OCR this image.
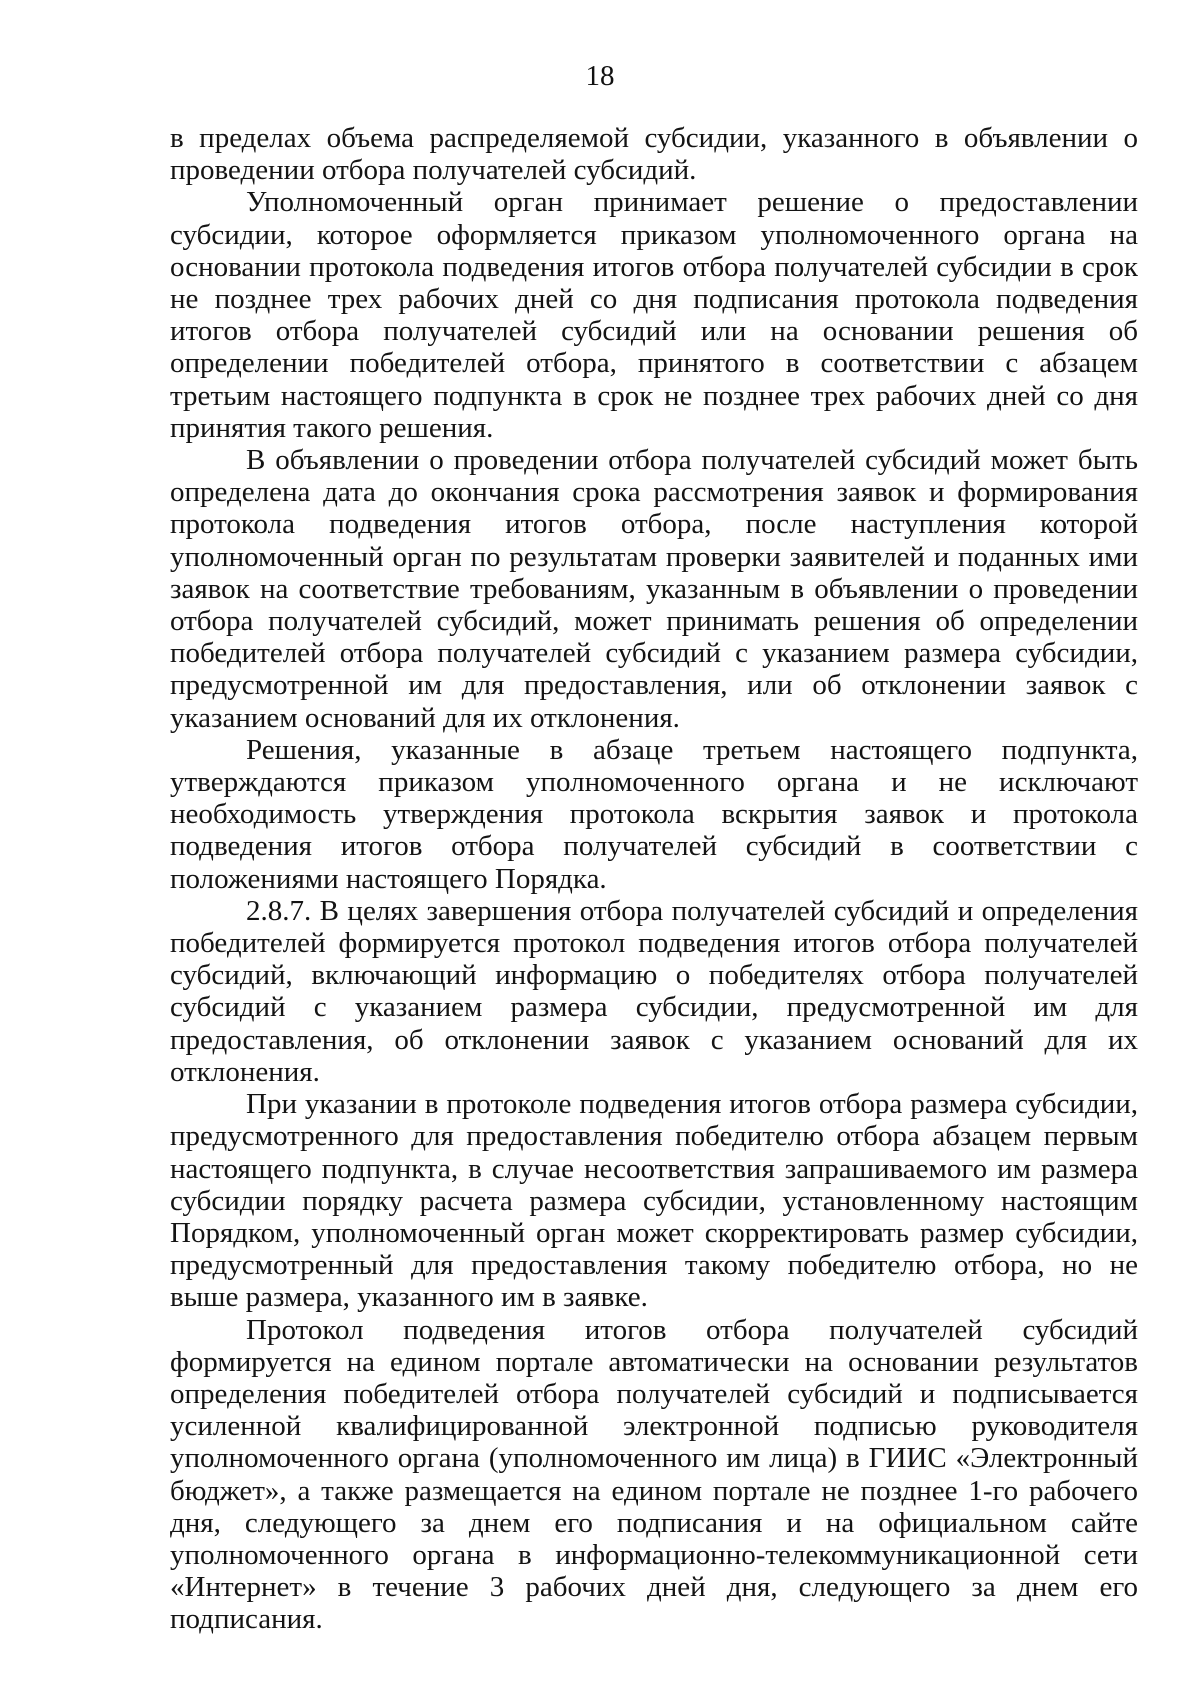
18

в пределах объема распределяемой субсидии, указанного в объявлении о проведении отбора получателей субсидий.

Уполномоченный орган принимает решение о предоставлении субсидии, которое оформляется приказом уполномоченного органа на основании протокола подведения итогов отбора получателей субсидии в срок не позднее трех рабочих дней со дня подписания протокола подведения итогов отбора получателей субсидий или на основании решения об определении победителей отбора, принятого в соответствии с абзацем третьим настоящего подпункта в срок не позднее трех рабочих дней со дня принятия такого решения.

В объявлении о проведении отбора получателей субсидий может быть определена дата до окончания срока рассмотрения заявок и формирования протокола подведения итогов отбора, после наступления которой уполномоченный орган по результатам проверки заявителей и поданных ими заявок на соответствие требованиям, указанным в объявлении о проведении отбора получателей субсидий, может принимать решения об определении победителей отбора получателей субсидий с указанием размера субсидии, предусмотренной им для предоставления, или об отклонении заявок с указанием оснований для их отклонения.

Решения, указанные в абзаце третьем настоящего подпункта, утверждаются приказом уполномоченного органа и не исключают необходимость утверждения протокола вскрытия заявок и протокола подведения итогов отбора получателей субсидий в соответствии с положениями настоящего Порядка.

2.8.7. В целях завершения отбора получателей субсидий и определения победителей формируется протокол подведения итогов отбора получателей субсидий, включающий информацию о победителях отбора получателей субсидий с указанием размера субсидии, предусмотренной им для предоставления, об отклонении заявок с указанием оснований для их отклонения.

При указании в протоколе подведения итогов отбора размера субсидии, предусмотренного для предоставления победителю отбора абзацем первым настоящего подпункта, в случае несоответствия запрашиваемого им размера субсидии порядку расчета размера субсидии, установленному настоящим Порядком, уполномоченный орган может скорректировать размер субсидии, предусмотренный для предоставления такому победителю отбора, но не выше размера, указанного им в заявке.

Протокол подведения итогов отбора получателей субсидий формируется на едином портале автоматически на основании результатов определения победителей отбора получателей субсидий и подписывается усиленной квалифицированной электронной подписью руководителя уполномоченного органа (уполномоченного им лица) в ГИИС «Электронный бюджет», а также размещается на едином портале не позднее 1-го рабочего дня, следующего за днем его подписания и на официальном сайте уполномоченного органа в информационно-телекоммуникационной сети «Интернет» в течение 3 рабочих дней дня, следующего за днем его подписания.
